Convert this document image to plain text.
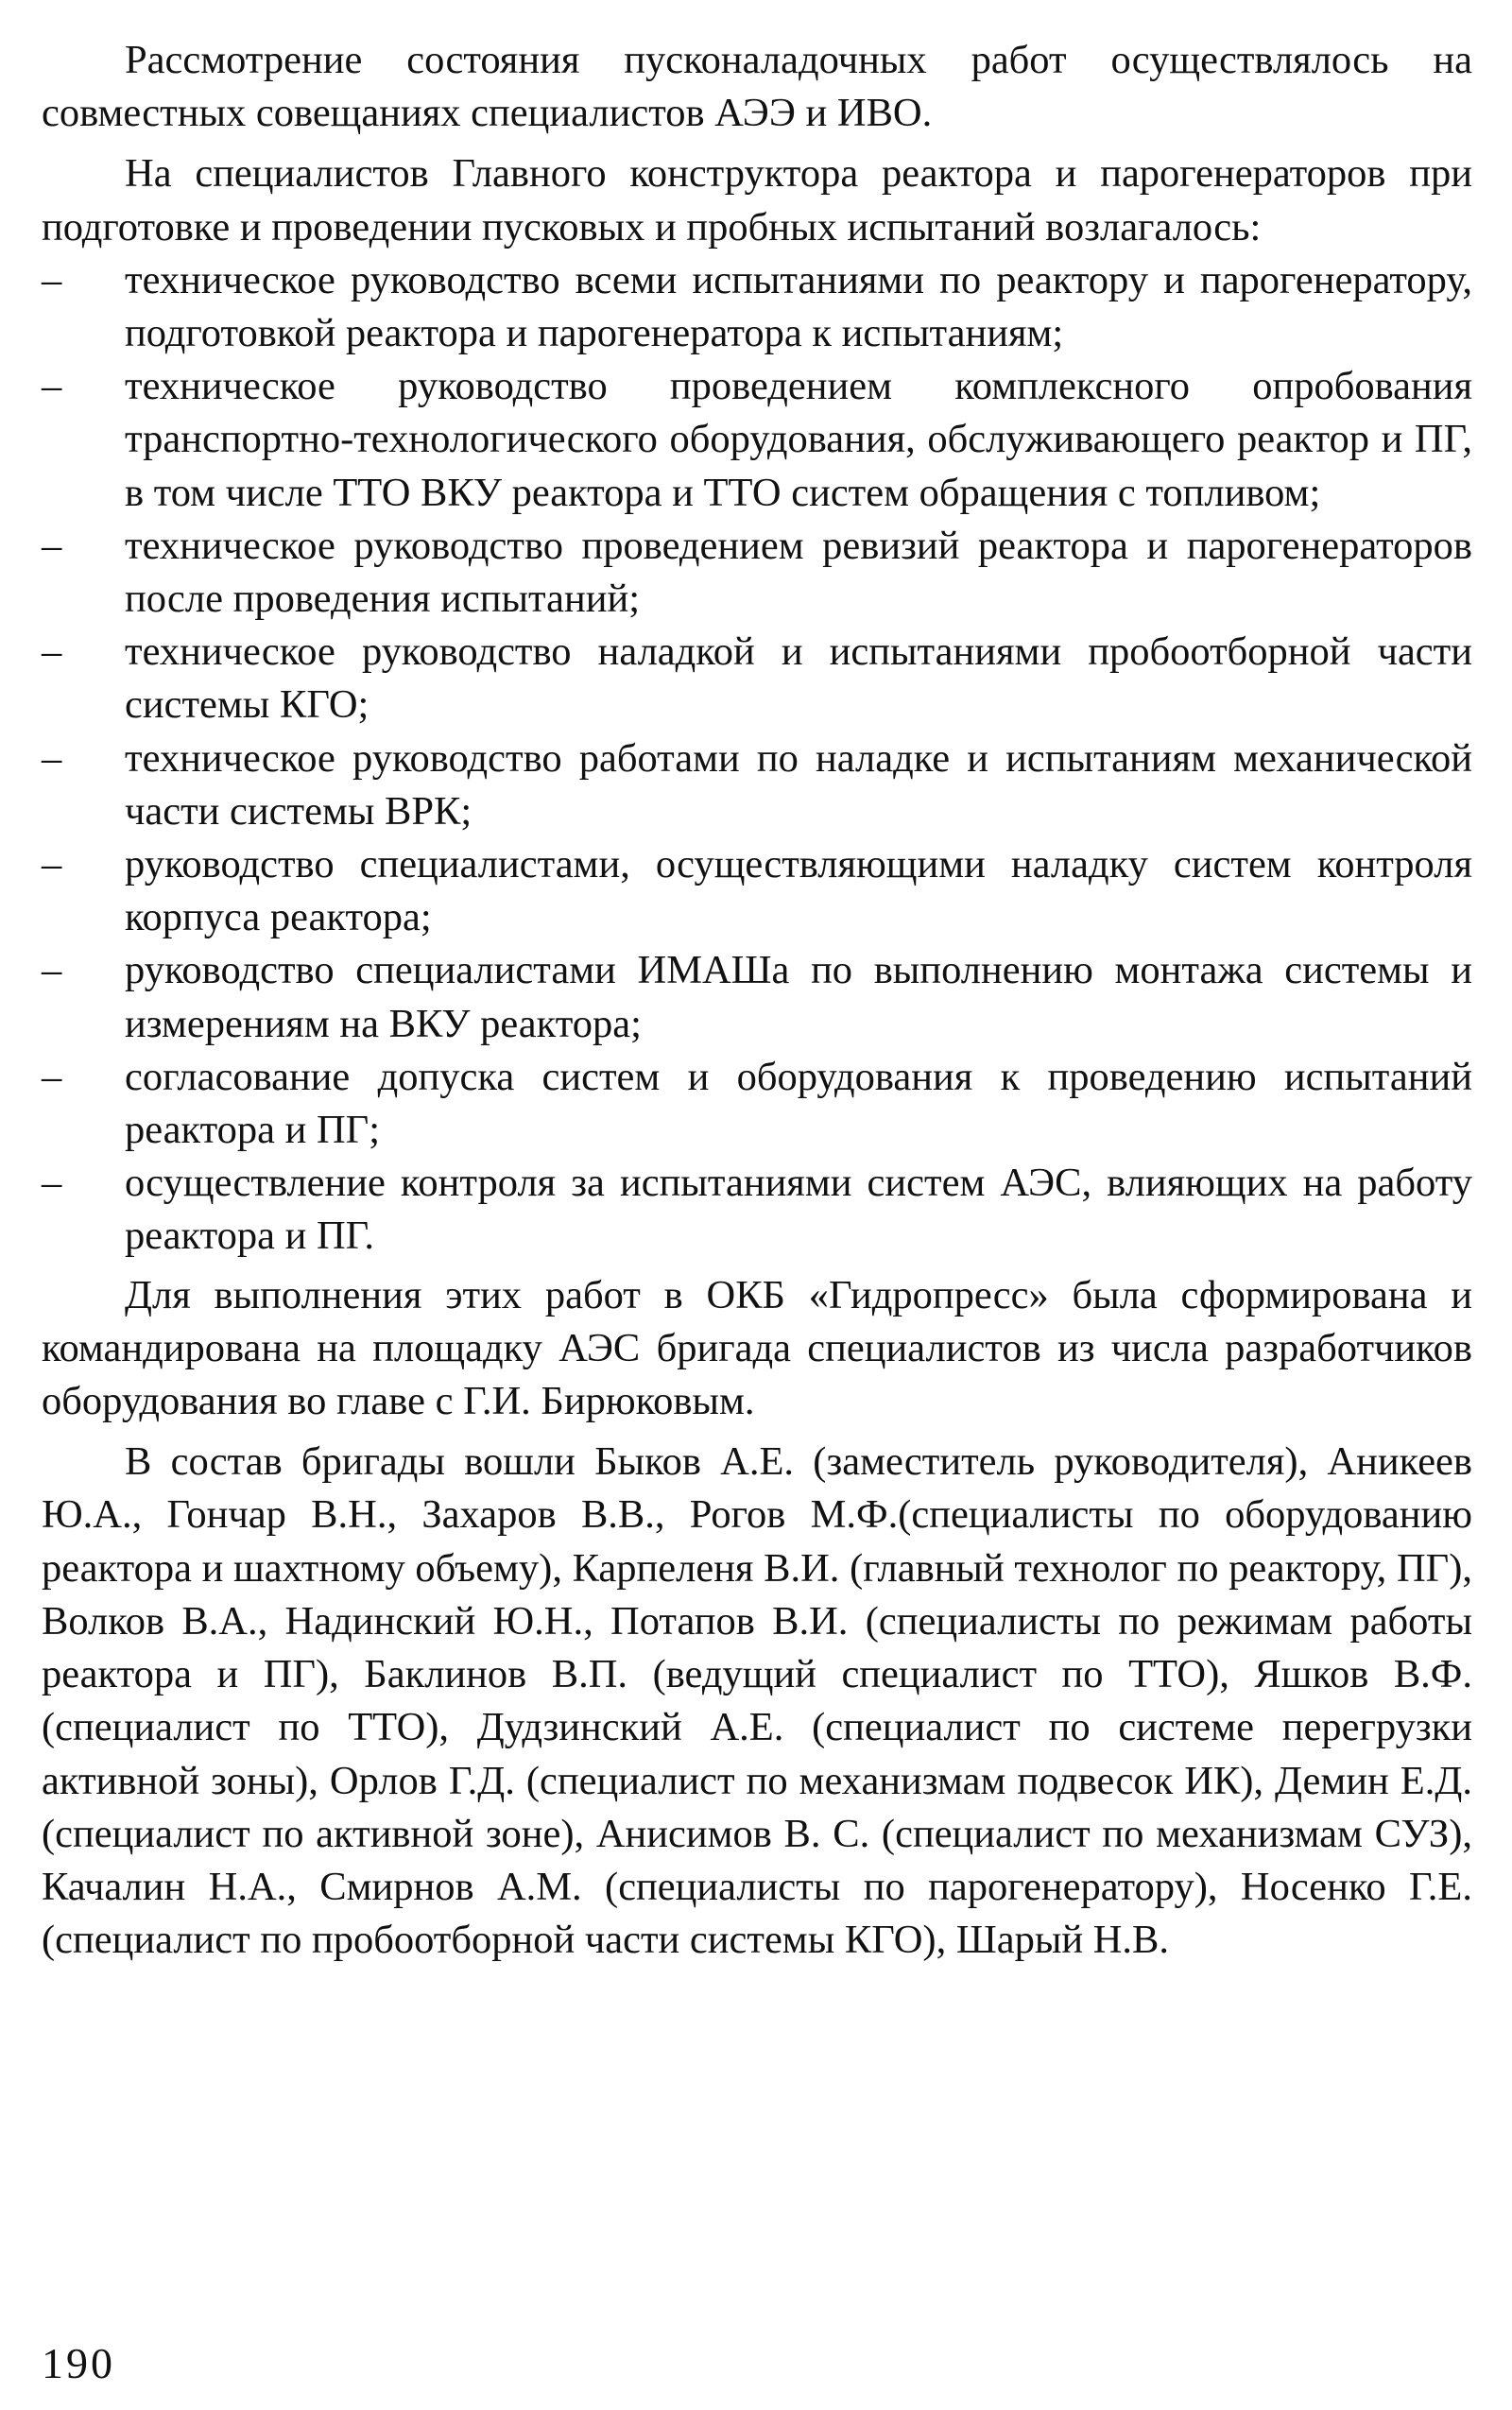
Рассмотрение состояния пусконаладочных работ осуществлялось на совместных совещаниях специалистов АЭЭ и ИВО.

На специалистов Главного конструктора реактора и парогенераторов при подготовке и проведении пусковых и пробных испытаний возлагалось:

– техническое руководство всеми испытаниями по реактору и парогенератору, подготовкой реактора и парогенератора к испытаниям;
– техническое руководство проведением комплексного опробования транспортно-технологического оборудования, обслуживающего реактор и ПГ, в том числе ТТО ВКУ реактора и ТТО систем обращения с топливом;
– техническое руководство проведением ревизий реактора и парогенераторов после проведения испытаний;
– техническое руководство наладкой и испытаниями пробоотборной части системы КГО;
– техническое руководство работами по наладке и испытаниям механической части системы ВРК;
– руководство специалистами, осуществляющими наладку систем контроля корпуса реактора;
– руководство специалистами ИМАШа по выполнению монтажа системы и измерениям на ВКУ реактора;
– согласование допуска систем и оборудования к проведению испытаний реактора и ПГ;
– осуществление контроля за испытаниями систем АЭС, влияющих на работу реактора и ПГ.

Для выполнения этих работ в ОКБ «Гидропресс» была сформирована и командирована на площадку АЭС бригада специалистов из числа разработчиков оборудования во главе с Г.И. Бирюковым.

В состав бригады вошли Быков А.Е. (заместитель руководителя), Аникеев Ю.А., Гончар В.Н., Захаров В.В., Рогов М.Ф.(специалисты по оборудованию реактора и шахтному объему), Карпеленя В.И. (главный технолог по реактору, ПГ), Волков В.А., Надинский Ю.Н., Потапов В.И. (специалисты по режимам работы реактора и ПГ), Баклинов В.П. (ведущий специалист по ТТО), Яшков В.Ф. (специалист по ТТО), Дудзинский А.Е. (специалист по системе перегрузки активной зоны), Орлов Г.Д. (специалист по механизмам подвесок ИК), Демин Е.Д. (специалист по активной зоне), Анисимов В. С. (специалист по механизмам СУЗ), Качалин Н.А., Смирнов А.М. (специалисты по парогенератору), Носенко Г.Е. (специалист по пробоотборной части системы КГО), Шарый Н.В.

190
